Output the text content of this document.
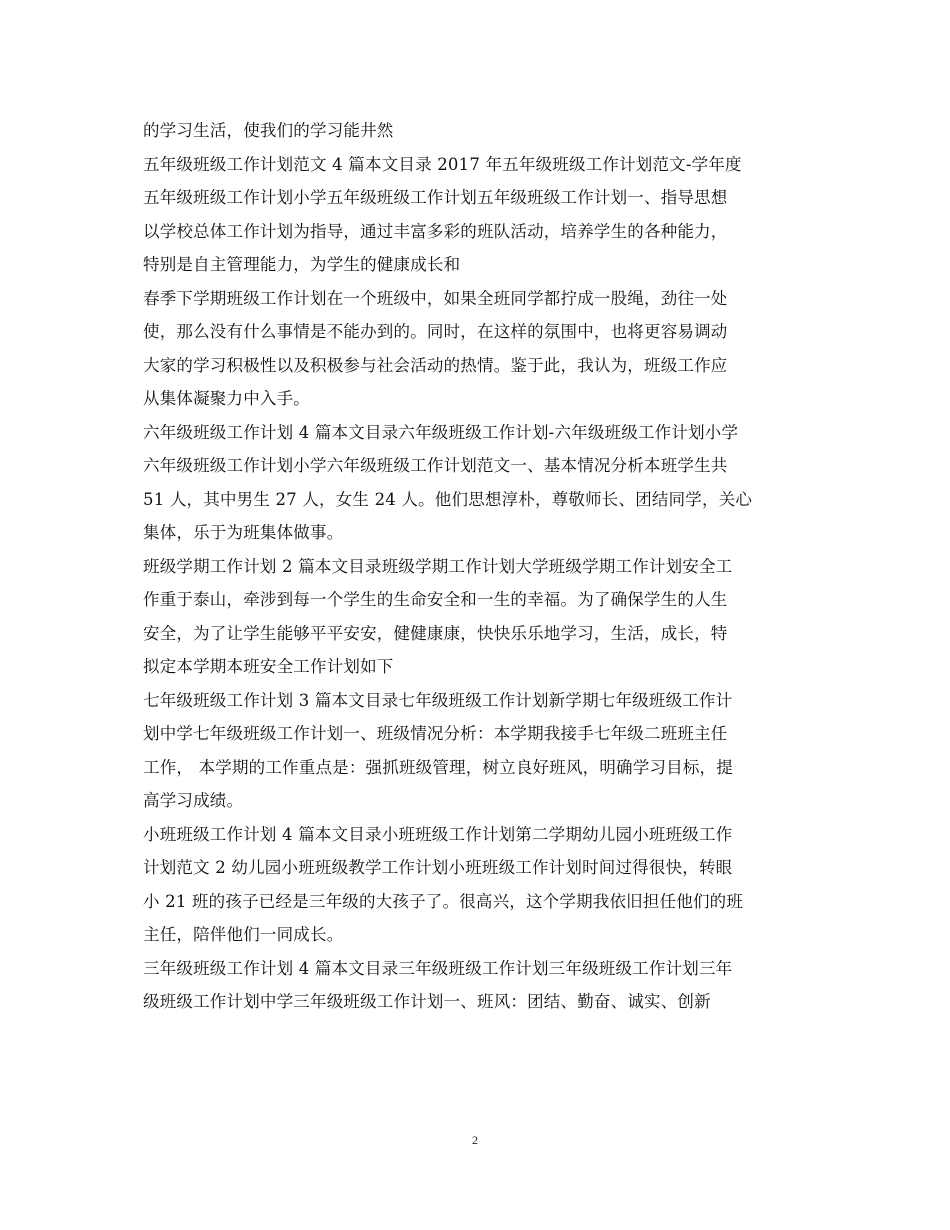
的学习生活，使我们的学习能井然

五年级班级工作计划范文 4 篇本文目录 2017 年五年级班级工作计划范文-学年度
五年级班级工作计划小学五年级班级工作计划五年级班级工作计划一、指导思想
以学校总体工作计划为指导，通过丰富多彩的班队活动，培养学生的各种能力，
特别是自主管理能力，为学生的健康成长和

春季下学期班级工作计划在一个班级中，如果全班同学都拧成一股绳，劲往一处
使，那么没有什么事情是不能办到的。同时，在这样的氛围中，也将更容易调动
大家的学习积极性以及积极参与社会活动的热情。鉴于此，我认为，班级工作应
从集体凝聚力中入手。

六年级班级工作计划 4 篇本文目录六年级班级工作计划-六年级班级工作计划小学
六年级班级工作计划小学六年级班级工作计划范文一、基本情况分析本班学生共
51 人，其中男生 27 人，女生 24 人。他们思想淳朴，尊敬师长、团结同学，关心
集体，乐于为班集体做事。

班级学期工作计划 2 篇本文目录班级学期工作计划大学班级学期工作计划安全工
作重于泰山，牵涉到每一个学生的生命安全和一生的幸福。为了确保学生的人生
安全，为了让学生能够平平安安，健健康康，快快乐乐地学习，生活，成长，特
拟定本学期本班安全工作计划如下

七年级班级工作计划 3 篇本文目录七年级班级工作计划新学期七年级班级工作计
划中学七年级班级工作计划一、班级情况分析：本学期我接手七年级二班班主任
工作， 本学期的工作重点是：强抓班级管理，树立良好班风，明确学习目标，提
高学习成绩。

小班班级工作计划 4 篇本文目录小班班级工作计划第二学期幼儿园小班班级工作
计划范文 2 幼儿园小班班级教学工作计划小班班级工作计划时间过得很快，转眼
小 21 班的孩子已经是三年级的大孩子了。很高兴，这个学期我依旧担任他们的班
主任，陪伴他们一同成长。

三年级班级工作计划 4 篇本文目录三年级班级工作计划三年级班级工作计划三年
级班级工作计划中学三年级班级工作计划一、班风：团结、勤奋、诚实、创新

2
